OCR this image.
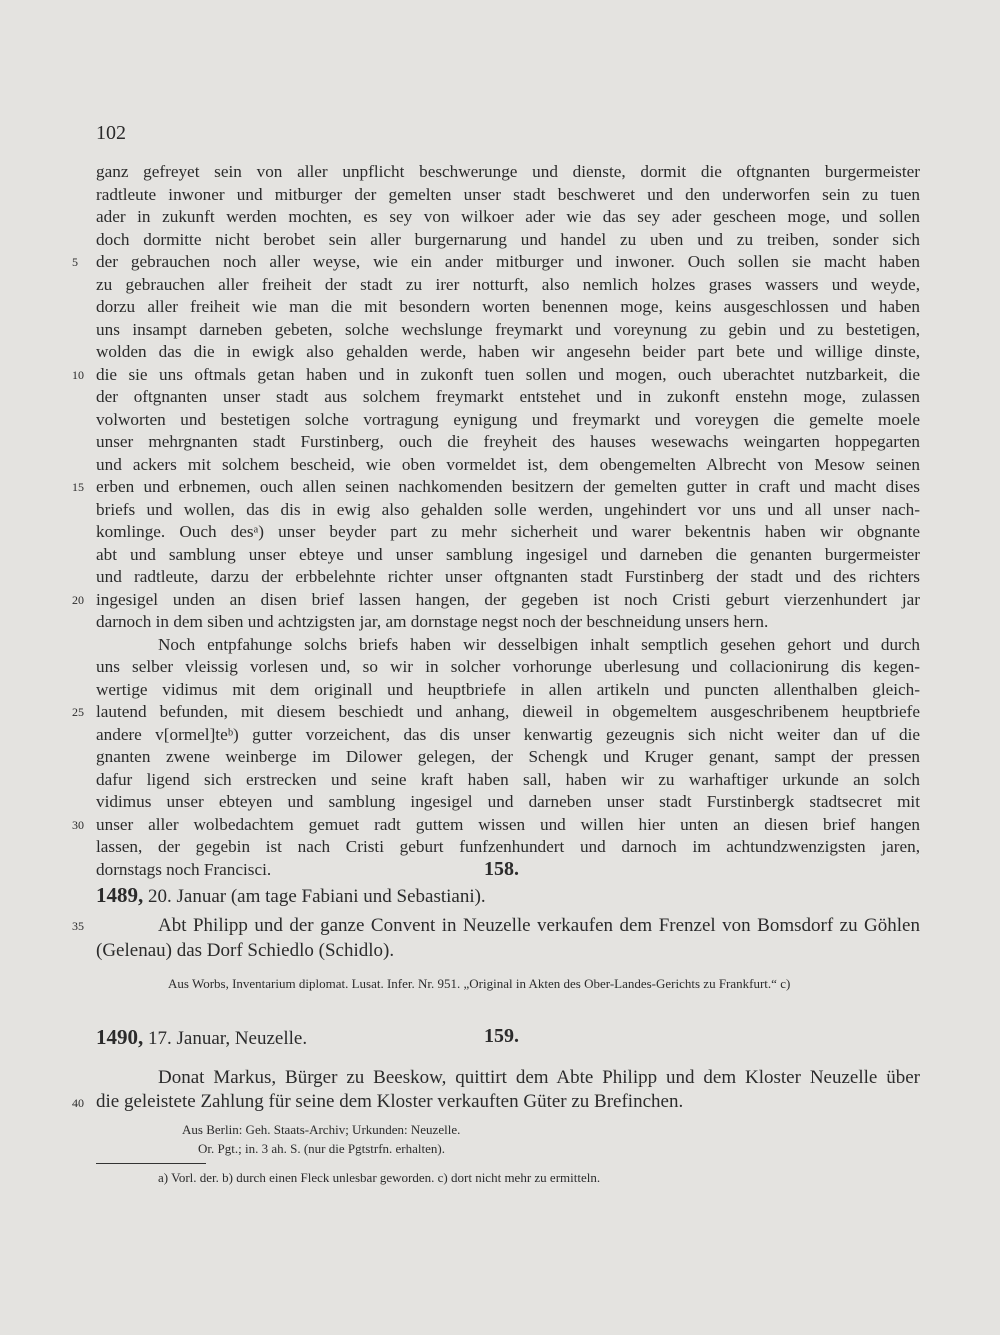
102
ganz gefreyet sein von aller unpflicht beschwerunge und dienste, dormit die oftgnanten burgermeister
radtleute inwoner und mitburger der gemelten unser stadt beschweret und den underworfen sein zu tuen
ader in zukunft werden mochten, es sey von wilkoer ader wie das sey ader gescheen moge, und sollen
doch dormitte nicht berobet sein aller burgernarung und handel zu uben und zu treiben, sonder sich
5 der gebrauchen noch aller weyse, wie ein ander mitburger und inwoner. Ouch sollen sie macht haben
zu gebrauchen aller freiheit der stadt zu irer notturft, also nemlich holzes grases wassers und weyde,
dorzu aller freiheit wie man die mit besondern worten benennen moge, keins ausgeschlossen und haben
uns insampt darneben gebeten, solche wechslunge freymarkt und voreynung zu gebin und zu bestetigen,
wolden das die in ewigk also gehalden werde, haben wir angesehn beider part bete und willige dinste,
10 die sie uns oftmals getan haben und in zukonft tuen sollen und mogen, ouch uberachtet nutzbarkeit, die
der oftgnanten unser stadt aus solchem freymarkt entstehet und in zukonft enstehn moge, zulassen
volworten und bestetigen solche vortragung eynigung und freymarkt und voreygen die gemelte moele
unser mehrgnanten stadt Furstinberg, ouch die freyheit des hauses wesewachs weingarten hoppegarten
und ackers mit solchem bescheid, wie oben vormeldet ist, dem obengemelten Albrecht von Mesow seinen
15 erben und erbnemen, ouch allen seinen nachkomenden besitzern der gemelten gutter in craft und macht dises
briefs und wollen, das dis in ewig also gehalden solle werden, ungehindert vor uns und all unser nach-
komlinge. Ouch desᵃ) unser beyder part zu mehr sicherheit und warer bekentnis haben wir obgnante
abt und samblung unser ebteye und unser samblung ingesigel und darneben die genanten burgermeister
und radtleute, darzu der erbbelehnte richter unser oftgnanten stadt Furstinberg der stadt und des richters
20 ingesigel unden an disen brief lassen hangen, der gegeben ist noch Cristi geburt vierzenhundert jar
darnoch in dem siben und achtzigsten jar, am dornstage negst noch der beschneidung unsers hern.
Noch entpfahunge solchs briefs haben wir desselbigen inhalt semptlich gesehen gehort und durch
uns selber vleissig vorlesen und, so wir in solcher vorhorunge uberlesung und collacionirung dis kegen-
wertige vidimus mit dem originall und heuptbriefe in allen artikeln und puncten allenthalben gleich-
25 lautend befunden, mit diesem beschiedt und anhang, dieweil in obgemeltem ausgeschribenem heuptbriefe
andere v[ormel]teᵇ) gutter vorzeichent, das dis unser kenwartig gezeugnis sich nicht weiter dan uf die
gnanten zwene weinberge im Dilower gelegen, der Schengk und Kruger genant, sampt der pressen
dafur ligend sich erstrecken und seine kraft haben sall, haben wir zu warhaftiger urkunde an solch
vidimus unser ebteyen und samblung ingesigel und darneben unser stadt Furstinbergk stadtsecret mit
30 unser aller wolbedachtem gemuet radt guttem wissen und willen hier unten an diesen brief hangen
lassen, der gegebin ist nach Cristi geburt funfzenhundert und darnoch im achtundzwenzigsten jaren,
dornstags noch Francisci.	158.
1489, 20. Januar (am tage Fabiani und Sebastiani).
Abt Philipp und der ganze Convent in Neuzelle verkaufen dem Frenzel von Bomsdorf zu Göhlen
35
(Gelenau) das Dorf Schiedlo (Schidlo).
Aus Worbs, Inventarium diplomat. Lusat. Infer. Nr. 951. „Original in Akten des Ober-Landes-Gerichts zu Frankfurt.“ c)
1490, 17. Januar, Neuzelle.	159.
Donat Markus, Bürger zu Beeskow, quittirt dem Abte Philipp und dem Kloster Neuzelle über
40 die geleistete Zahlung für seine dem Kloster verkauften Güter zu Brefinchen.
Aus Berlin: Geh. Staats-Archiv; Urkunden: Neuzelle.
Or. Pgt.; in. 3 ah. S. (nur die Pgtstrfn. erhalten).
a) Vorl. der. b) durch einen Fleck unlesbar geworden. c) dort nicht mehr zu ermitteln.
